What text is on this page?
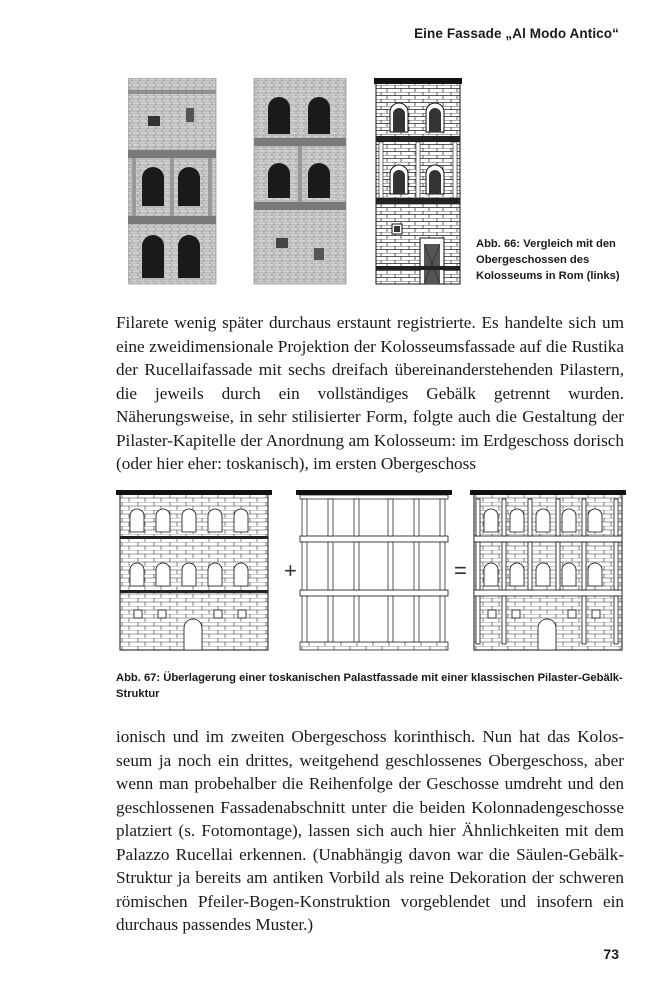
Eine Fassade „Al Modo Antico“
Abb. 66: Vergleich mit den Obergeschossen des Kolosseums in Rom (links)

Filarete wenig später durchaus erstaunt registrierte. Es handelte sich um eine zweidimensionale Projektion der Kolosseumsfassade auf die Rustika der Rucellaifassade mit sechs dreifach übereinanderstehenden Pilastern, die jeweils durch ein vollständiges Gebälk getrennt wurden. Näherungsweise, in sehr stilisierter Form, folgte auch die Gestaltung der Pilaster-Kapitelle der Anordnung am Kolosseum: im Erdgeschoss dorisch (oder hier eher: toskanisch), im ersten Obergeschoss

+	=
Abb. 67: Überlagerung einer toskanischen Palastfassade mit einer klassischen Pilaster-Gebälk-Struktur

ionisch und im zweiten Obergeschoss korinthisch. Nun hat das Kolosseum ja noch ein drittes, weitgehend geschlossenes Obergeschoss, aber wenn man probehalber die Reihenfolge der Geschosse umdreht und den geschlossenen Fassadenabschnitt unter die beiden Kolonnadengeschosse platziert (s. Fotomontage), lassen sich auch hier Ähnlichkeiten mit dem Palazzo Rucellai erkennen. (Unabhängig davon war die Säulen-Gebälk-Struktur ja bereits am antiken Vorbild als reine Dekoration der schweren römischen Pfeiler-Bogen-Konstruktion vorgeblendet und insofern ein durchaus passendes Muster.)

73
